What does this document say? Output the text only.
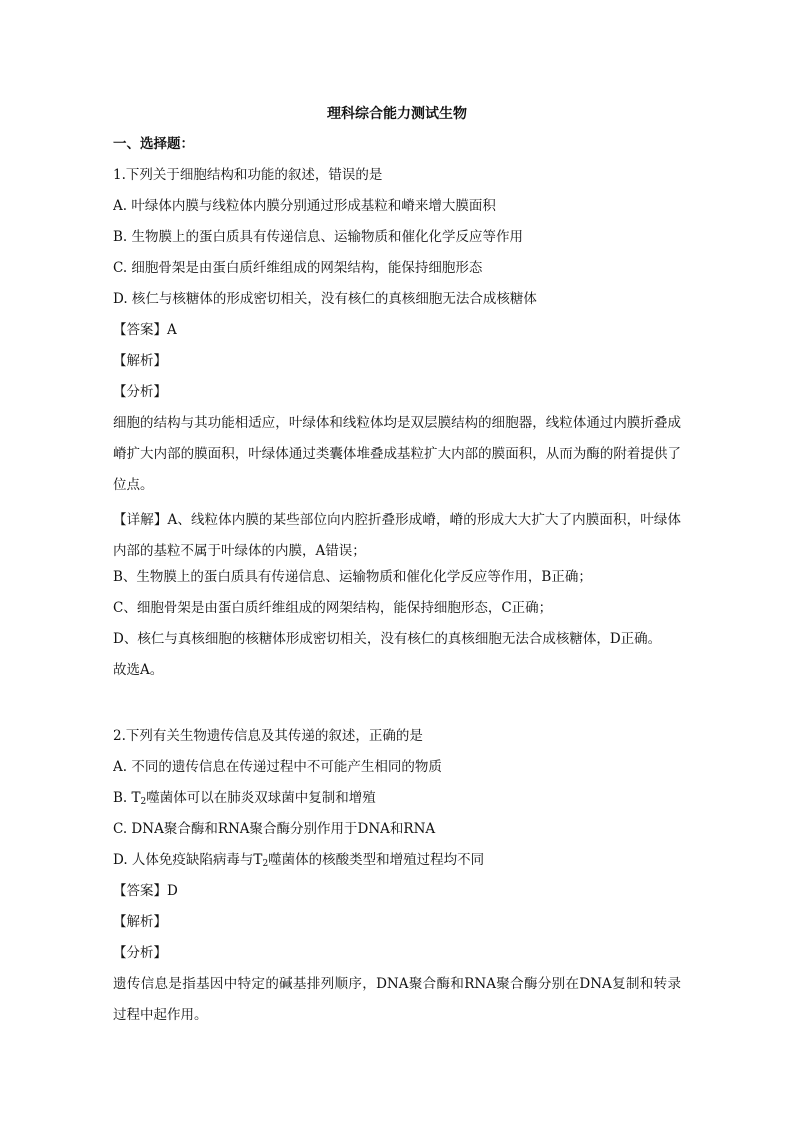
理科综合能力测试生物
一、选择题：
1.下列关于细胞结构和功能的叙述，错误的是
A. 叶绿体内膜与线粒体内膜分别通过形成基粒和嵴来增大膜面积
B. 生物膜上的蛋白质具有传递信息、运输物质和催化化学反应等作用
C. 细胞骨架是由蛋白质纤维组成的网架结构，能保持细胞形态
D. 核仁与核糖体的形成密切相关，没有核仁的真核细胞无法合成核糖体
【答案】A
【解析】
【分析】
细胞的结构与其功能相适应，叶绿体和线粒体均是双层膜结构的细胞器，线粒体通过内膜折叠成嵴扩大内部的膜面积，叶绿体通过类囊体堆叠成基粒扩大内部的膜面积，从而为酶的附着提供了位点。
【详解】A、线粒体内膜的某些部位向内腔折叠形成嵴，嵴的形成大大扩大了内膜面积，叶绿体内部的基粒不属于叶绿体的内膜，A错误；
B、生物膜上的蛋白质具有传递信息、运输物质和催化化学反应等作用，B正确；
C、细胞骨架是由蛋白质纤维组成的网架结构，能保持细胞形态，C正确；
D、核仁与真核细胞的核糖体形成密切相关，没有核仁的真核细胞无法合成核糖体，D正确。
故选A。
2.下列有关生物遗传信息及其传递的叙述，正确的是
A. 不同的遗传信息在传递过程中不可能产生相同的物质
B. $T_2$噬菌体可以在肺炎双球菌中复制和增殖
C. DNA聚合酶和RNA聚合酶分别作用于DNA和RNA
D. 人体免疫缺陷病毒与$T_2$噬菌体的核酸类型和增殖过程均不同
【答案】D
【解析】
【分析】
遗传信息是指基因中特定的碱基排列顺序，DNA聚合酶和RNA聚合酶分别在DNA复制和转录过程中起作用。
